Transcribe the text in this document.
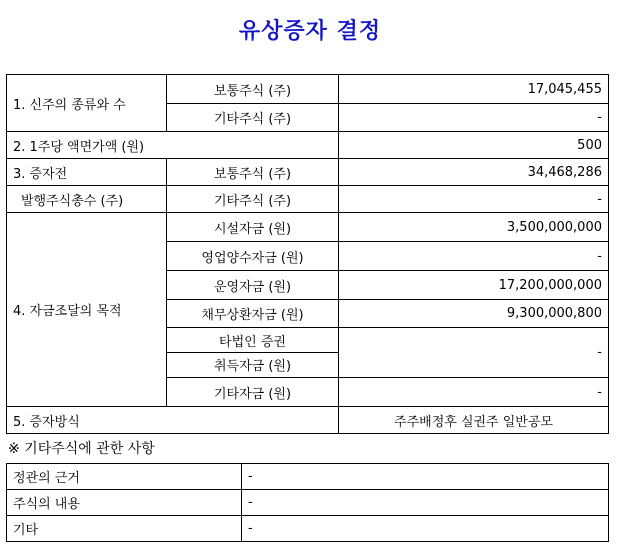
유상증자 결정
1. 신주의 종류와 수	보통주식 (주)	17,045,455
	기타주식 (주)	-
2. 1주당 액면가액 (원)		500
3. 증자전	보통주식 (주)	34,468,286
발행주식총수 (주)	기타주식 (주)	-
4. 자금조달의 목적	시설자금 (원)	3,500,000,000
	영업양수자금 (원)	-
	운영자금 (원)	17,200,000,000
	채무상환자금 (원)	9,300,000,800
	타법인 증권	-
	취득자금 (원)	
	기타자금 (원)	-
5. 증자방식		주주배정후 실권주 일반공모
※ 기타주식에 관한 사항
정관의 근거	-
주식의 내용	-
기타	-
